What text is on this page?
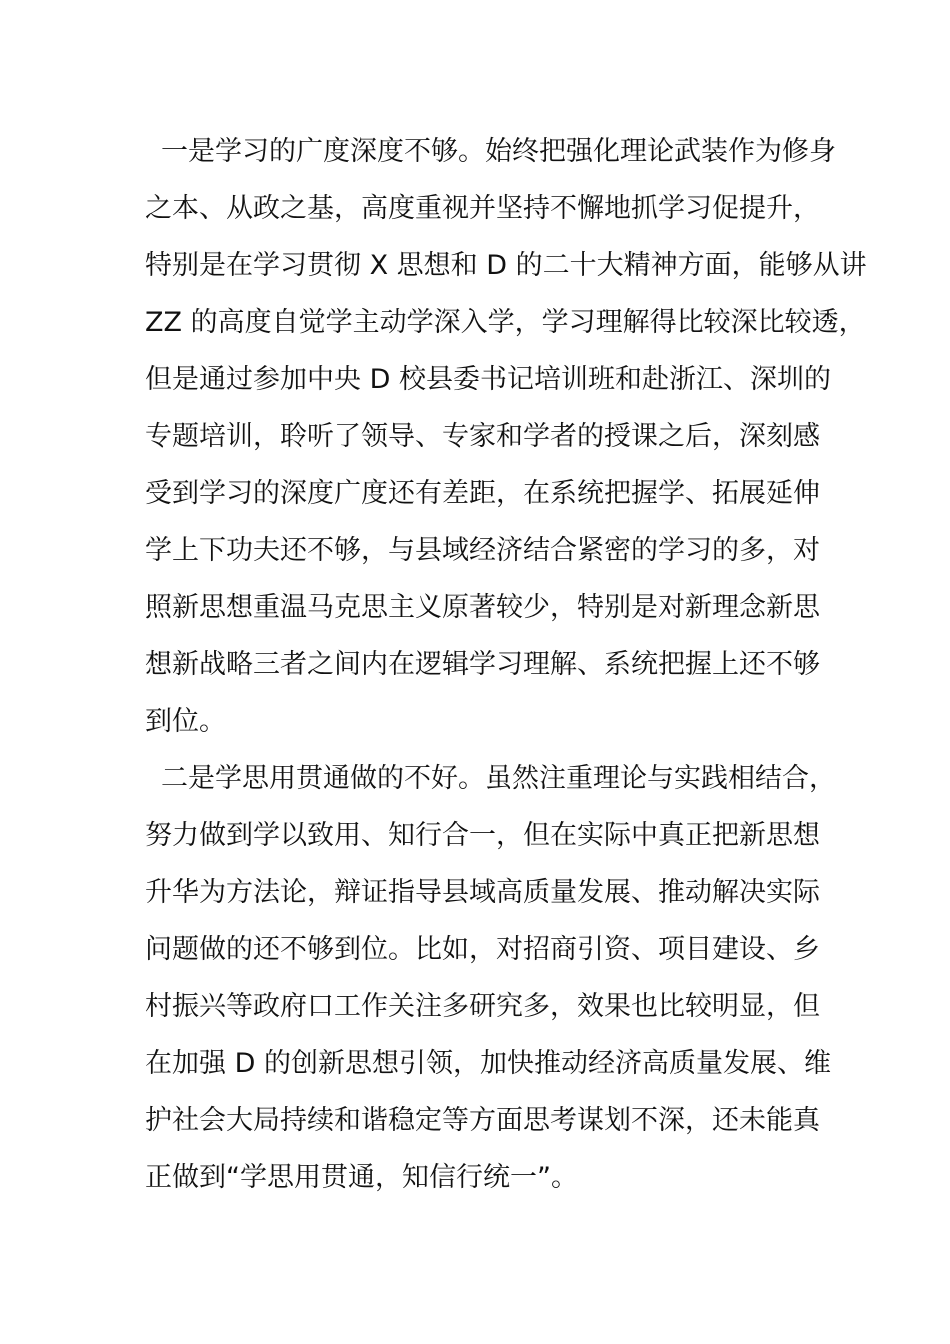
一是学习的广度深度不够。始终把强化理论武装作为修身
之本、从政之基，高度重视并坚持不懈地抓学习促提升，
特别是在学习贯彻 X 思想和 D 的二十大精神方面，能够从讲
ZZ 的高度自觉学主动学深入学，学习理解得比较深比较透，
但是通过参加中央 D 校县委书记培训班和赴浙江、深圳的
专题培训，聆听了领导、专家和学者的授课之后，深刻感
受到学习的深度广度还有差距，在系统把握学、拓展延伸
学上下功夫还不够，与县域经济结合紧密的学习的多，对
照新思想重温马克思主义原著较少，特别是对新理念新思
想新战略三者之间内在逻辑学习理解、系统把握上还不够
到位。
二是学思用贯通做的不好。虽然注重理论与实践相结合，
努力做到学以致用、知行合一，但在实际中真正把新思想
升华为方法论，辩证指导县域高质量发展、推动解决实际
问题做的还不够到位。比如，对招商引资、项目建设、乡
村振兴等政府口工作关注多研究多，效果也比较明显，但
在加强 D 的创新思想引领，加快推动经济高质量发展、维
护社会大局持续和谐稳定等方面思考谋划不深，还未能真
正做到“学思用贯通，知信行统一”。
